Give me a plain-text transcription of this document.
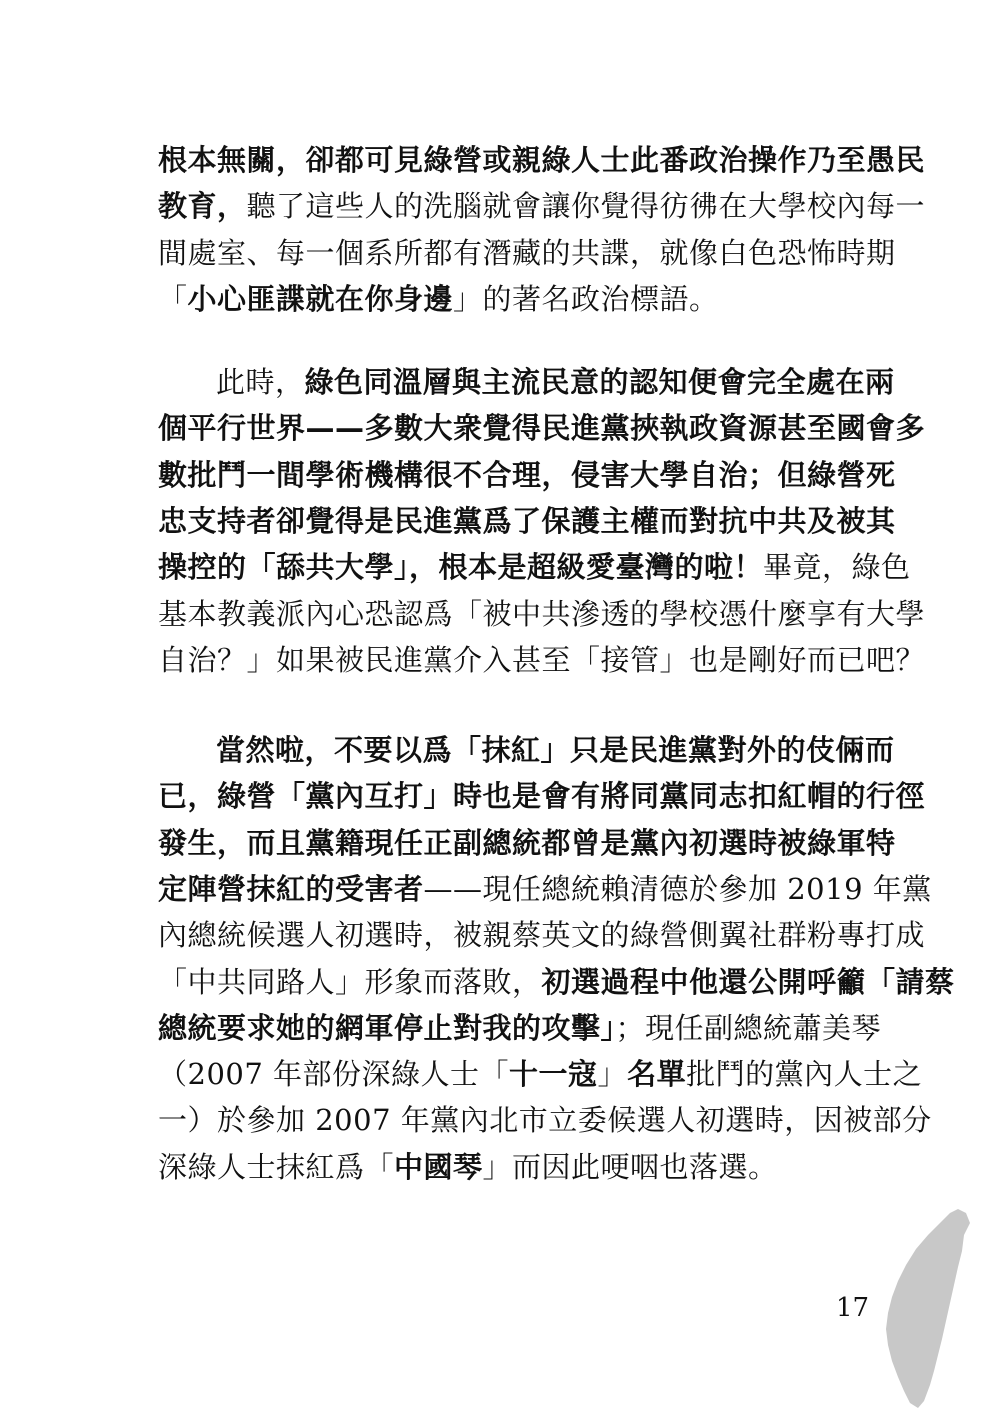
根本無關，卻都可見綠營或親綠人士此番政治操作乃至愚民
教育，聽了這些人的洗腦就會讓你覺得彷彿在大學校內每一
間處室、每一個系所都有潛藏的共諜，就像白色恐怖時期
「小心匪諜就在你身邊」的著名政治標語。
此時，綠色同溫層與主流民意的認知便會完全處在兩
個平行世界——多數大衆覺得民進黨挾執政資源甚至國會多
數批鬥一間學術機構很不合理，侵害大學自治；但綠營死
忠支持者卻覺得是民進黨爲了保護主權而對抗中共及被其
操控的「舔共大學」，根本是超級愛臺灣的啦！畢竟，綠色
基本教義派內心恐認爲「被中共滲透的學校憑什麼享有大學
自治？」如果被民進黨介入甚至「接管」也是剛好而已吧？
當然啦，不要以爲「抹紅」只是民進黨對外的伎倆而
已，綠營「黨內互打」時也是會有將同黨同志扣紅帽的行徑
發生，而且黨籍現任正副總統都曾是黨內初選時被綠軍特
定陣營抹紅的受害者——現任總統賴清德於參加 2019 年黨
內總統候選人初選時，被親蔡英文的綠營側翼社群粉專打成
「中共同路人」形象而落敗，初選過程中他還公開呼籲「請蔡
總統要求她的網軍停止對我的攻擊」；現任副總統蕭美琴
（2007 年部份深綠人士「十一寇」名單批鬥的黨內人士之
一）於參加 2007 年黨內北市立委候選人初選時，因被部分
深綠人士抹紅爲「中國琴」而因此哽咽也落選。
17
